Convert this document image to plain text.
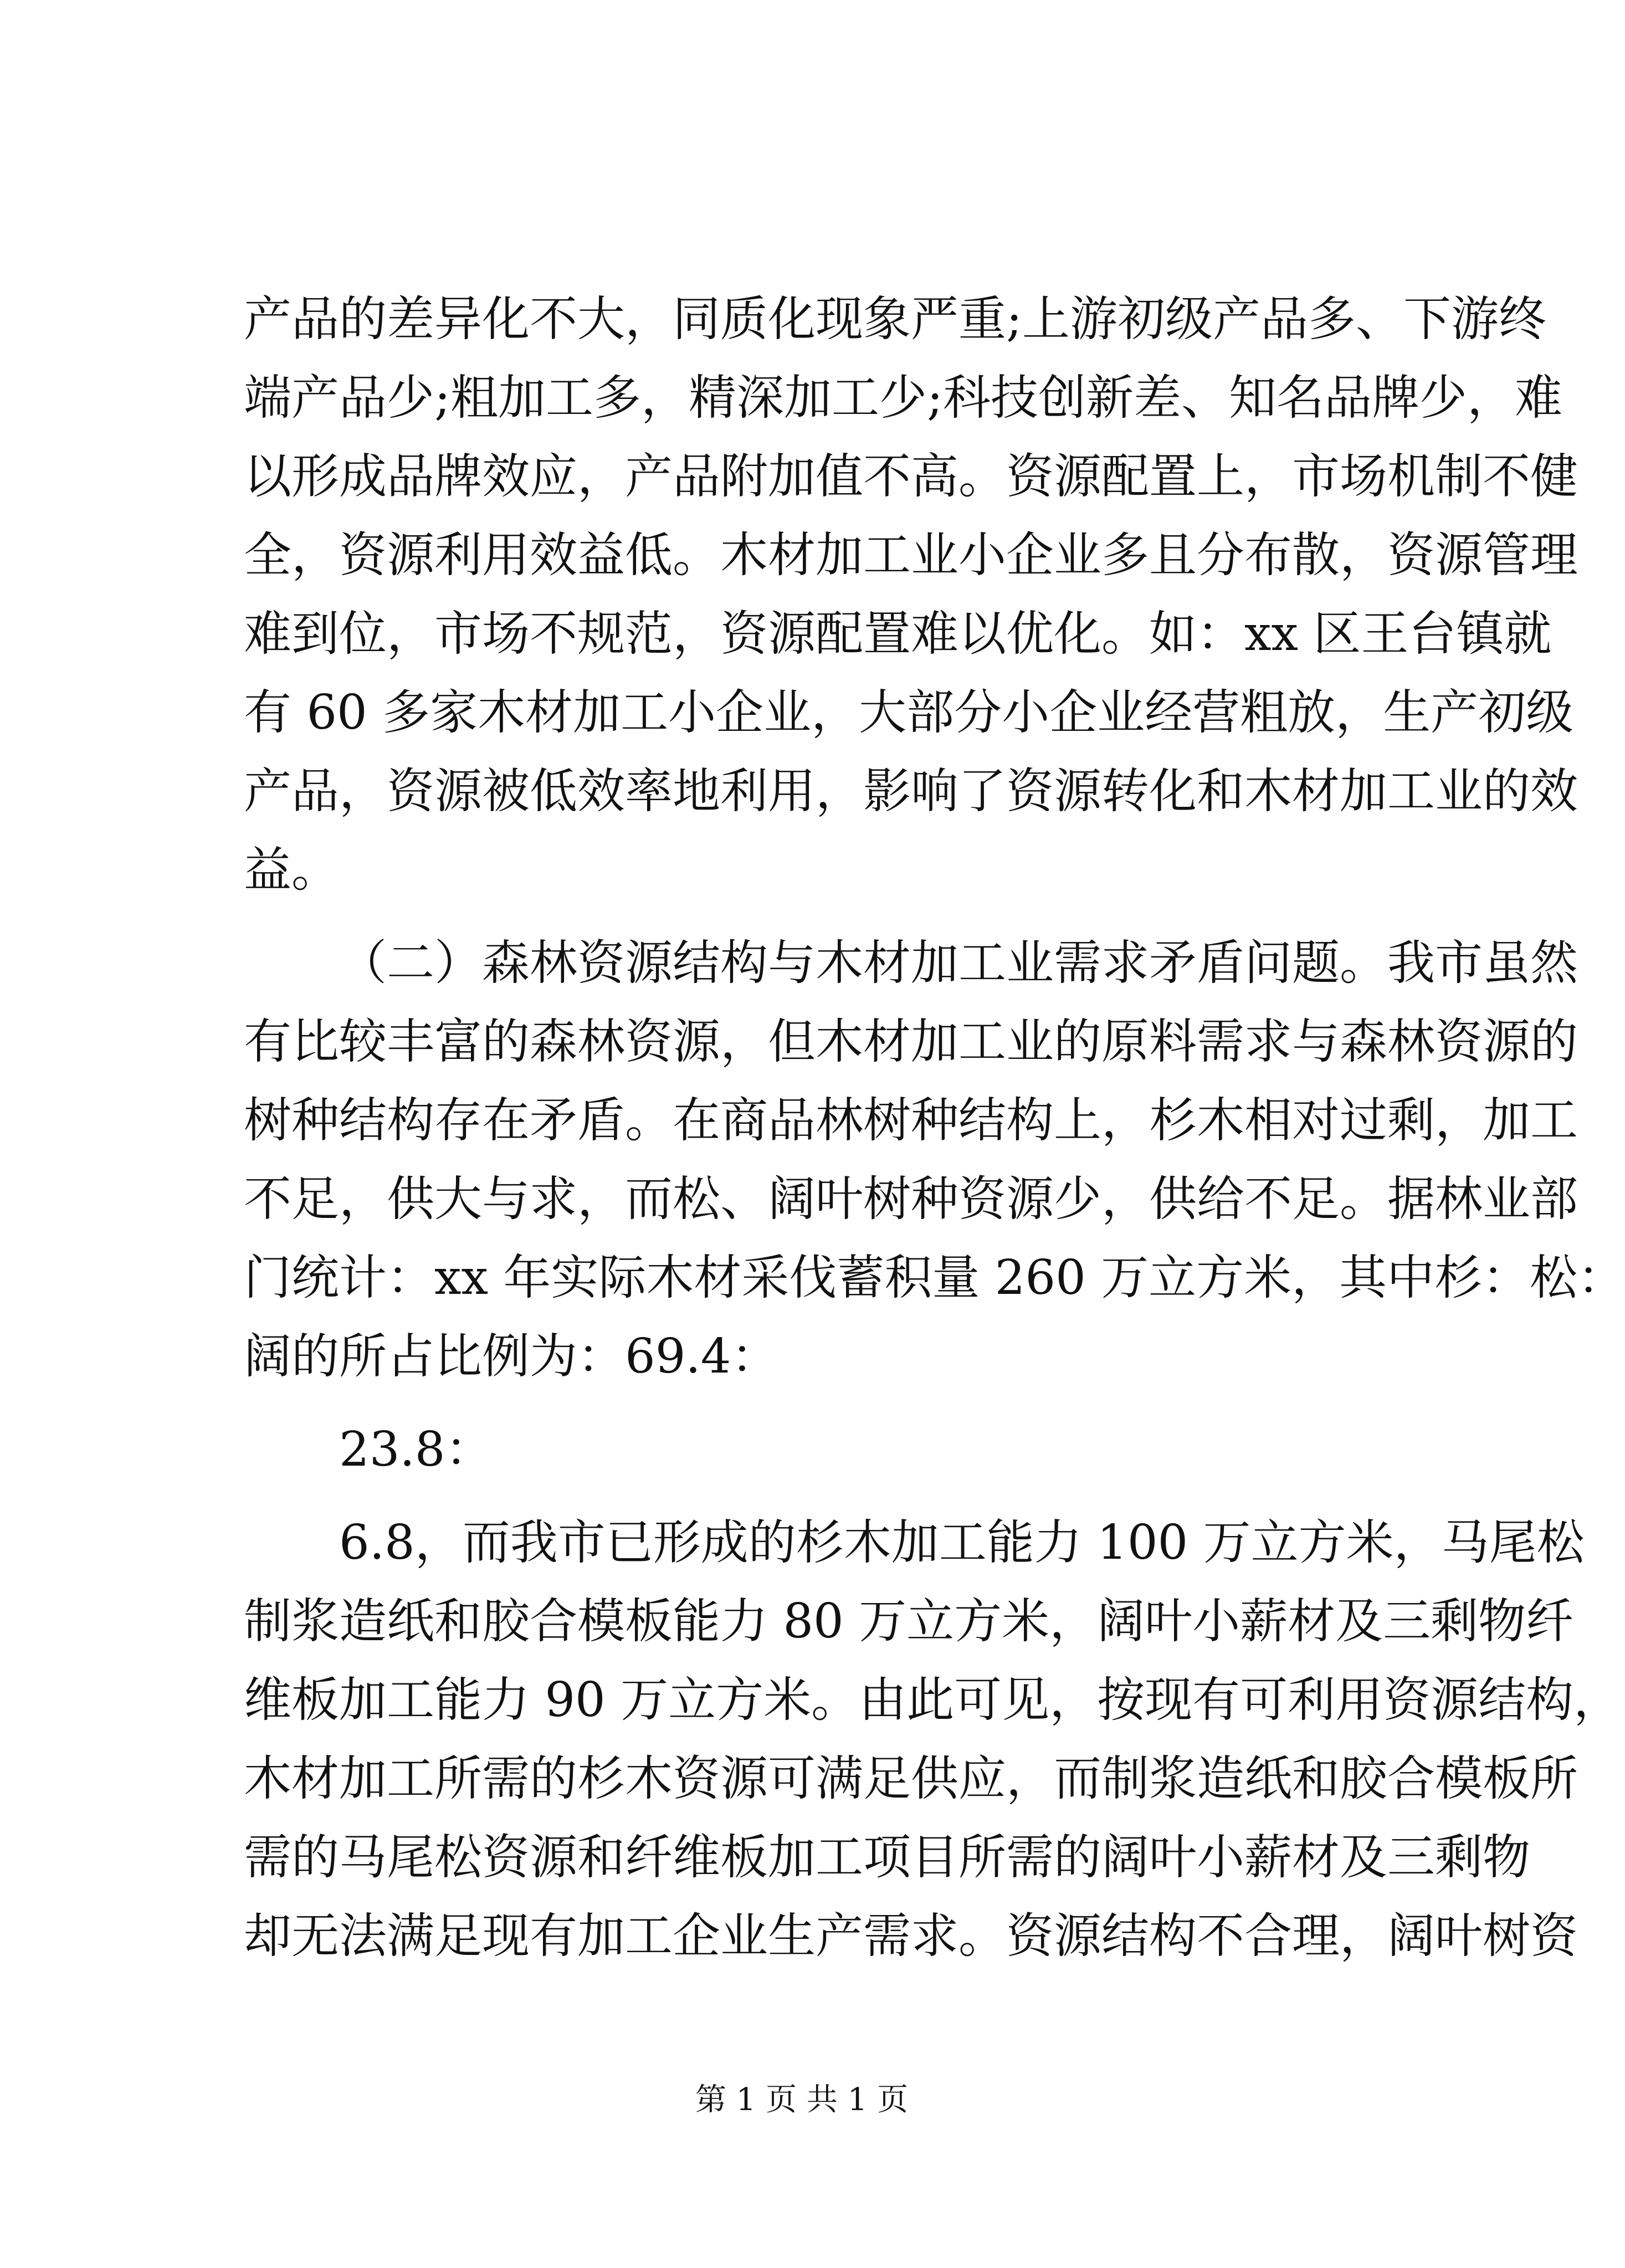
产品的差异化不大，同质化现象严重;上游初级产品多、下游终
端产品少;粗加工多，精深加工少;科技创新差、知名品牌少，难
以形成品牌效应，产品附加值不高。资源配置上，市场机制不健
全，资源利用效益低。木材加工业小企业多且分布散，资源管理
难到位，市场不规范，资源配置难以优化。如：xx 区王台镇就
有 60 多家木材加工小企业，大部分小企业经营粗放，生产初级
产品，资源被低效率地利用，影响了资源转化和木材加工业的效
益。
（二）森林资源结构与木材加工业需求矛盾问题。我市虽然
有比较丰富的森林资源，但木材加工业的原料需求与森林资源的
树种结构存在矛盾。在商品林树种结构上，杉木相对过剩，加工
不足，供大与求，而松、阔叶树种资源少，供给不足。据林业部
门统计：xx 年实际木材采伐蓄积量 260 万立方米，其中杉：松：
阔的所占比例为：69.4：
23.8：
6.8，而我市已形成的杉木加工能力 100 万立方米，马尾松
制浆造纸和胶合模板能力 80 万立方米，阔叶小薪材及三剩物纤
维板加工能力 90 万立方米。由此可见，按现有可利用资源结构，
木材加工所需的杉木资源可满足供应，而制浆造纸和胶合模板所
需的马尾松资源和纤维板加工项目所需的阔叶小薪材及三剩物
却无法满足现有加工企业生产需求。资源结构不合理，阔叶树资
第 1 页 共 1 页
